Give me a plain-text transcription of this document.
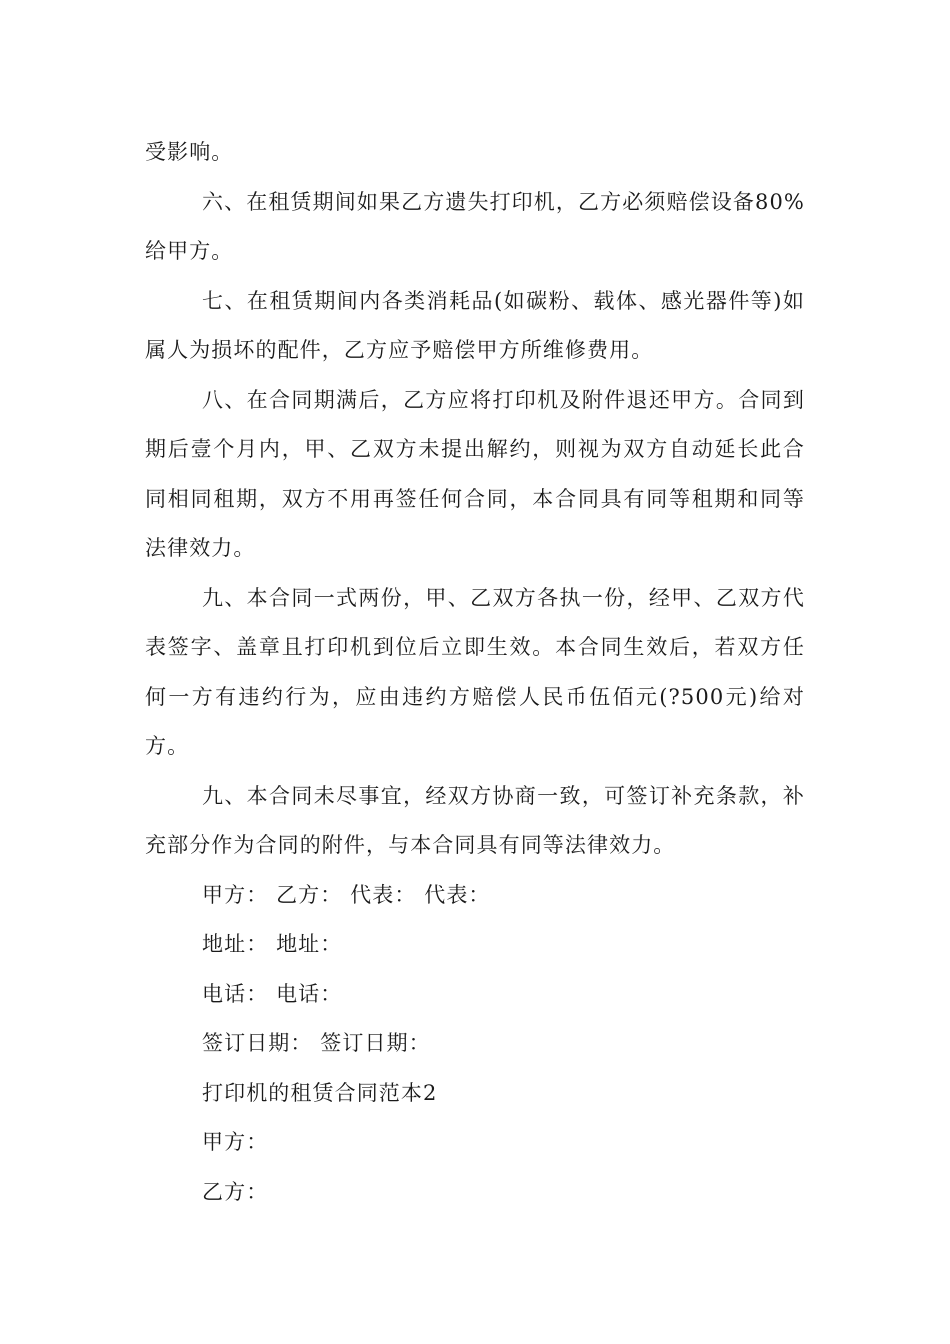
受影响。

六、在租赁期间如果乙方遗失打印机，乙方必须赔偿设备80%给甲方。

七、在租赁期间内各类消耗品(如碳粉、载体、感光器件等)如属人为损坏的配件，乙方应予赔偿甲方所维修费用。

八、在合同期满后，乙方应将打印机及附件退还甲方。合同到期后壹个月内，甲、乙双方未提出解约，则视为双方自动延长此合同相同租期，双方不用再签任何合同，本合同具有同等租期和同等法律效力。

九、本合同一式两份，甲、乙双方各执一份，经甲、乙双方代表签字、盖章且打印机到位后立即生效。本合同生效后，若双方任何一方有违约行为，应由违约方赔偿人民币伍佰元(?500元)给对方。

九、本合同未尽事宜，经双方协商一致，可签订补充条款，补充部分作为合同的附件，与本合同具有同等法律效力。

甲方： 乙方： 代表： 代表：

地址： 地址：

电话： 电话：

签订日期： 签订日期：

打印机的租赁合同范本2

甲方：

乙方：
